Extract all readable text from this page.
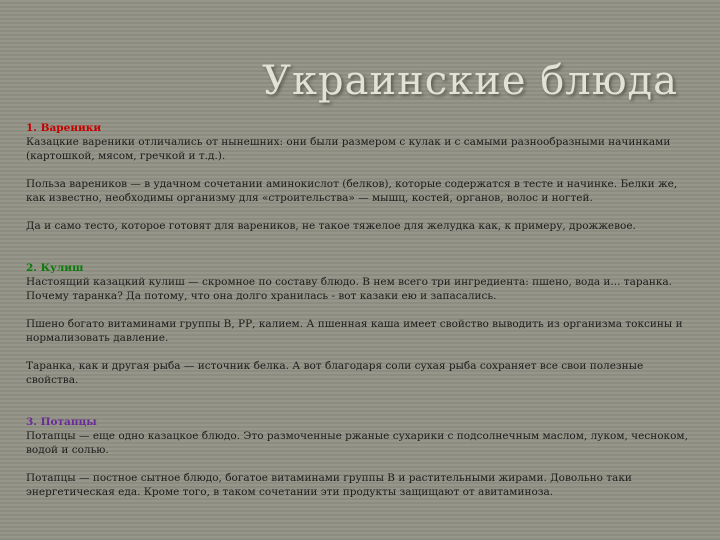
Украинские блюда

1. Вареники

Казацкие вареники отличались от нынешних: они были размером с кулак и с самыми разнообразными начинками (картошкой, мясом, гречкой и т.д.).

Польза вареников — в удачном сочетании аминокислот (белков), которые содержатся в тесте и начинке. Белки же, как известно, необходимы организму для «строительства» — мышц, костей, органов, волос и ногтей.

Да и само тесто, которое готовят для вареников, не такое тяжелое для желудка как, к примеру, дрожжевое.

2. Кулиш

Настоящий казацкий кулиш — скромное по составу блюдо. В нем всего три ингредиента: пшено, вода и... таранка. Почему таранка? Да потому, что она долго хранилась - вот казаки ею и запасались.

Пшено богато витаминами группы В, РР, калием. А пшенная каша имеет свойство выводить из организма токсины и нормализовать давление.

Таранка, как и другая рыба — источник белка. А вот благодаря соли сухая рыба сохраняет все свои полезные свойства.

3. Потапцы

Потапцы — еще одно казацкое блюдо. Это размоченные ржаные сухарики с подсолнечным маслом, луком, чесноком, водой и солью.

Потапцы — постное сытное блюдо, богатое витаминами группы В и растительными жирами. Довольно таки энергетическая еда. Кроме того, в таком сочетании эти продукты защищают от авитаминоза.
